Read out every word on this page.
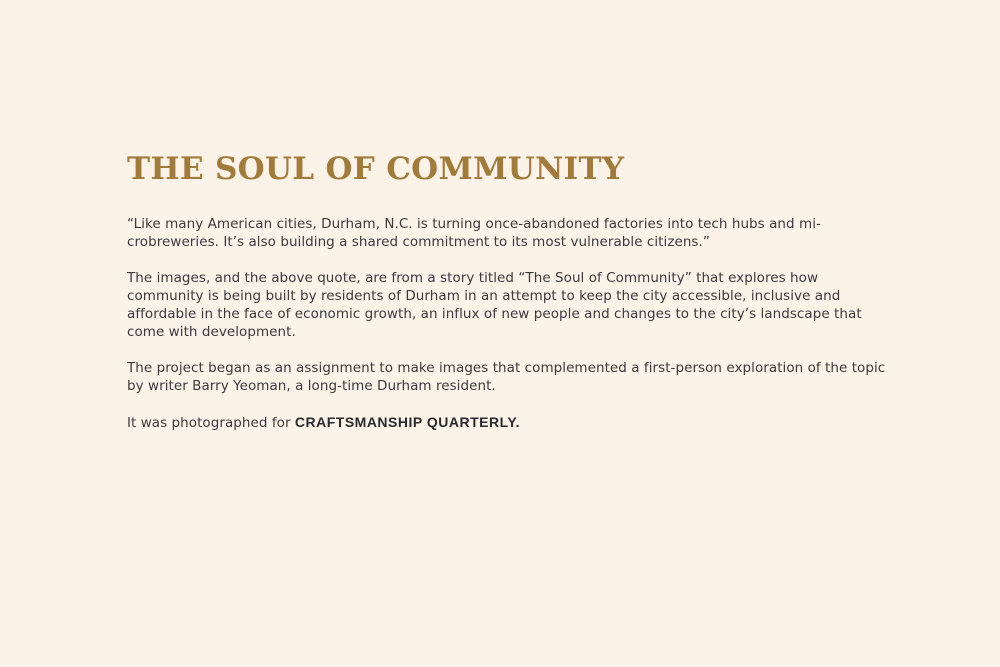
THE SOUL OF COMMUNITY

“Like many American cities, Durham, N.C. is turning once-abandoned factories into tech hubs and mi-crobreweries. It’s also building a shared commitment to its most vulnerable citizens.”

The images, and the above quote, are from a story titled “The Soul of Community” that explores how community is being built by residents of Durham in an attempt to keep the city accessible, inclusive and affordable in the face of economic growth, an influx of new people and changes to the city’s landscape that come with development.

The project began as an assignment to make images that complemented a first-person exploration of the topic by writer Barry Yeoman, a long-time Durham resident.

It was photographed for CRAFTSMANSHIP QUARTERLY.
